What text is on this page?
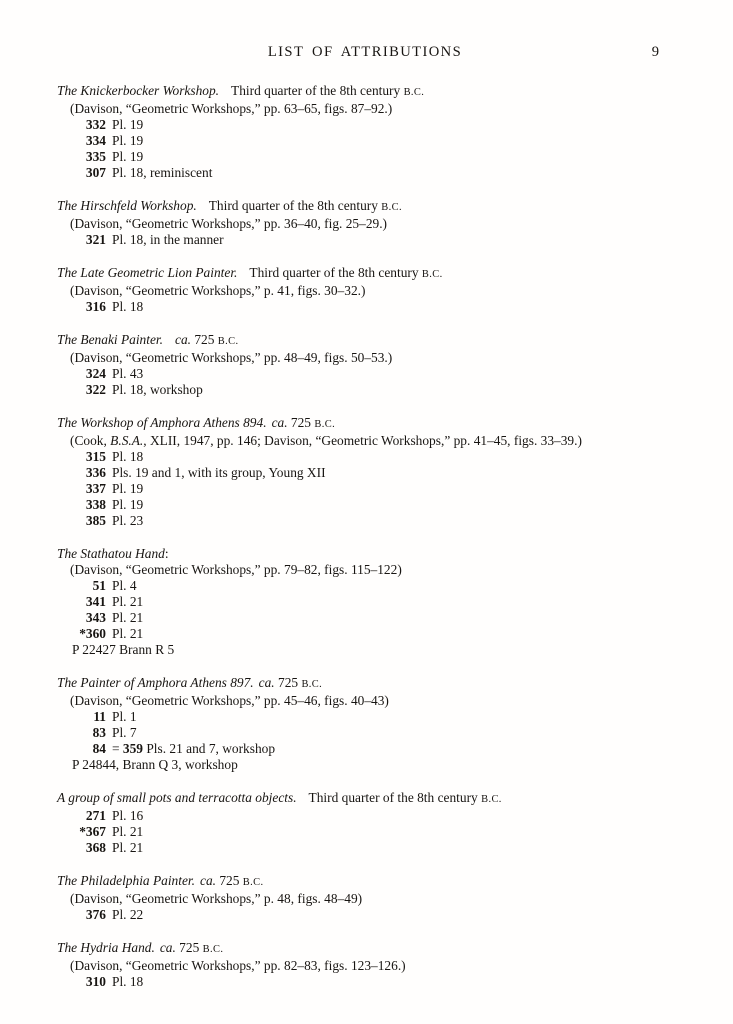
LIST OF ATTRIBUTIONS	9
The Knickerbocker Workshop. Third quarter of the 8th century B.C.
(Davison, “Geometric Workshops,” pp. 63–65, figs. 87–92.)
332 Pl. 19
334 Pl. 19
335 Pl. 19
307 Pl. 18, reminiscent
The Hirschfeld Workshop. Third quarter of the 8th century B.C.
(Davison, “Geometric Workshops,” pp. 36–40, fig. 25–29.)
321 Pl. 18, in the manner
The Late Geometric Lion Painter. Third quarter of the 8th century B.C.
(Davison, “Geometric Workshops,” p. 41, figs. 30–32.)
316 Pl. 18
The Benaki Painter. ca. 725 B.C.
(Davison, “Geometric Workshops,” pp. 48–49, figs. 50–53.)
324 Pl. 43
322 Pl. 18, workshop
The Workshop of Amphora Athens 894. ca. 725 B.C.
(Cook, B.S.A., XLII, 1947, pp. 146; Davison, “Geometric Workshops,” pp. 41–45, figs. 33–39.)
315 Pl. 18
336 Pls. 19 and 1, with its group, Young XII
337 Pl. 19
338 Pl. 19
385 Pl. 23
The Stathatou Hand:
(Davison, “Geometric Workshops,” pp. 79–82, figs. 115–122)
51 Pl. 4
341 Pl. 21
343 Pl. 21
*360 Pl. 21
P 22427 Brann R 5
The Painter of Amphora Athens 897. ca. 725 B.C.
(Davison, “Geometric Workshops,” pp. 45–46, figs. 40–43)
11 Pl. 1
83 Pl. 7
84 = 359 Pls. 21 and 7, workshop
P 24844, Brann Q 3, workshop
A group of small pots and terracotta objects. Third quarter of the 8th century B.C.
271 Pl. 16
*367 Pl. 21
368 Pl. 21
The Philadelphia Painter. ca. 725 B.C.
(Davison, “Geometric Workshops,” p. 48, figs. 48–49)
376 Pl. 22
The Hydria Hand. ca. 725 B.C.
(Davison, “Geometric Workshops,” pp. 82–83, figs. 123–126.)
310 Pl. 18
